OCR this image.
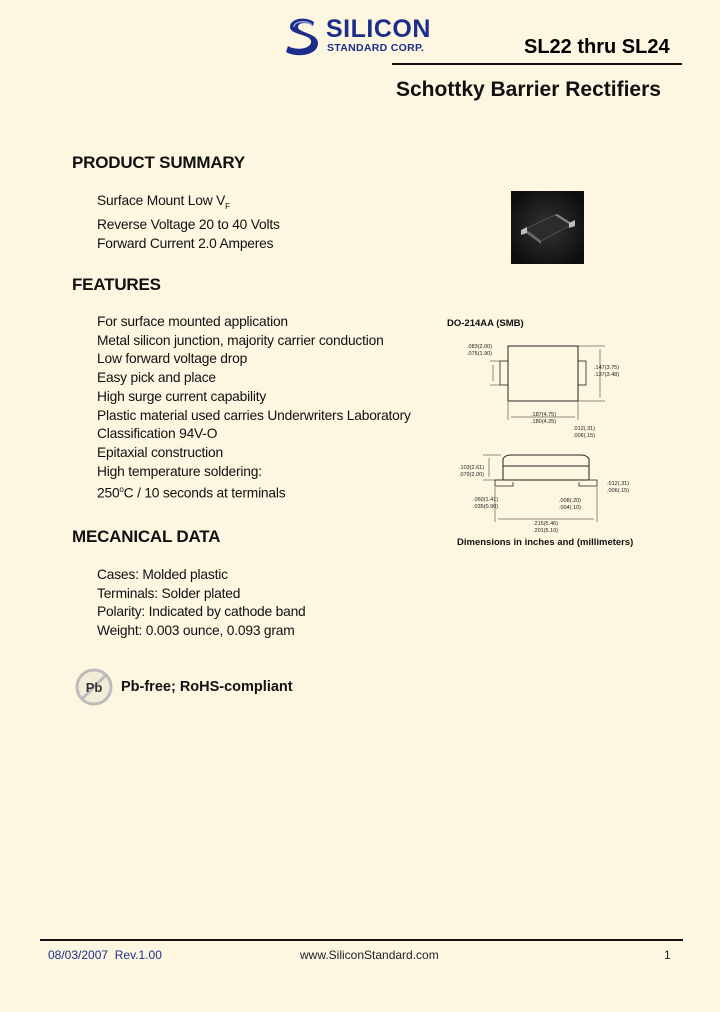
SILICON
STANDARD CORP.	SL22 thru SL24
Schottky Barrier Rectifiers
PRODUCT SUMMARY
Surface Mount Low $V_F$
Reverse Voltage 20 to 40 Volts
Forward Current 2.0 Amperes
FEATURES
For surface mounted application
Metal silicon junction, majority carrier conduction
Low forward voltage drop
Easy pick and place
High surge current capability
Plastic material used carries Underwriters Laboratory
Classification 94V-O
Epitaxial construction
High temperature soldering:
250$^o$C / 10 seconds at terminals
DO-214AA (SMB)
.083(2.00)
.075(1.90)
.147(3.75)
.137(3.48)
.187(4.75)
.180(4.25)
.012(.31)
.006(.15)
.103(2.61)
.079(2.00)
.012(.31)
.006(.15)
.060(1.41)
.035(0.90)
.008(.20)
.004(.10)
.215(5.46)
.201(5.10)
Dimensions in inches and (millimeters)
MECANICAL DATA
Cases: Molded plastic
Terminals: Solder plated
Polarity: Indicated by cathode band
Weight: 0.003 ounce, 0.093 gram
Pb Pb-free; RoHS-compliant
08/03/2007  Rev.1.00	www.SiliconStandard.com	1
